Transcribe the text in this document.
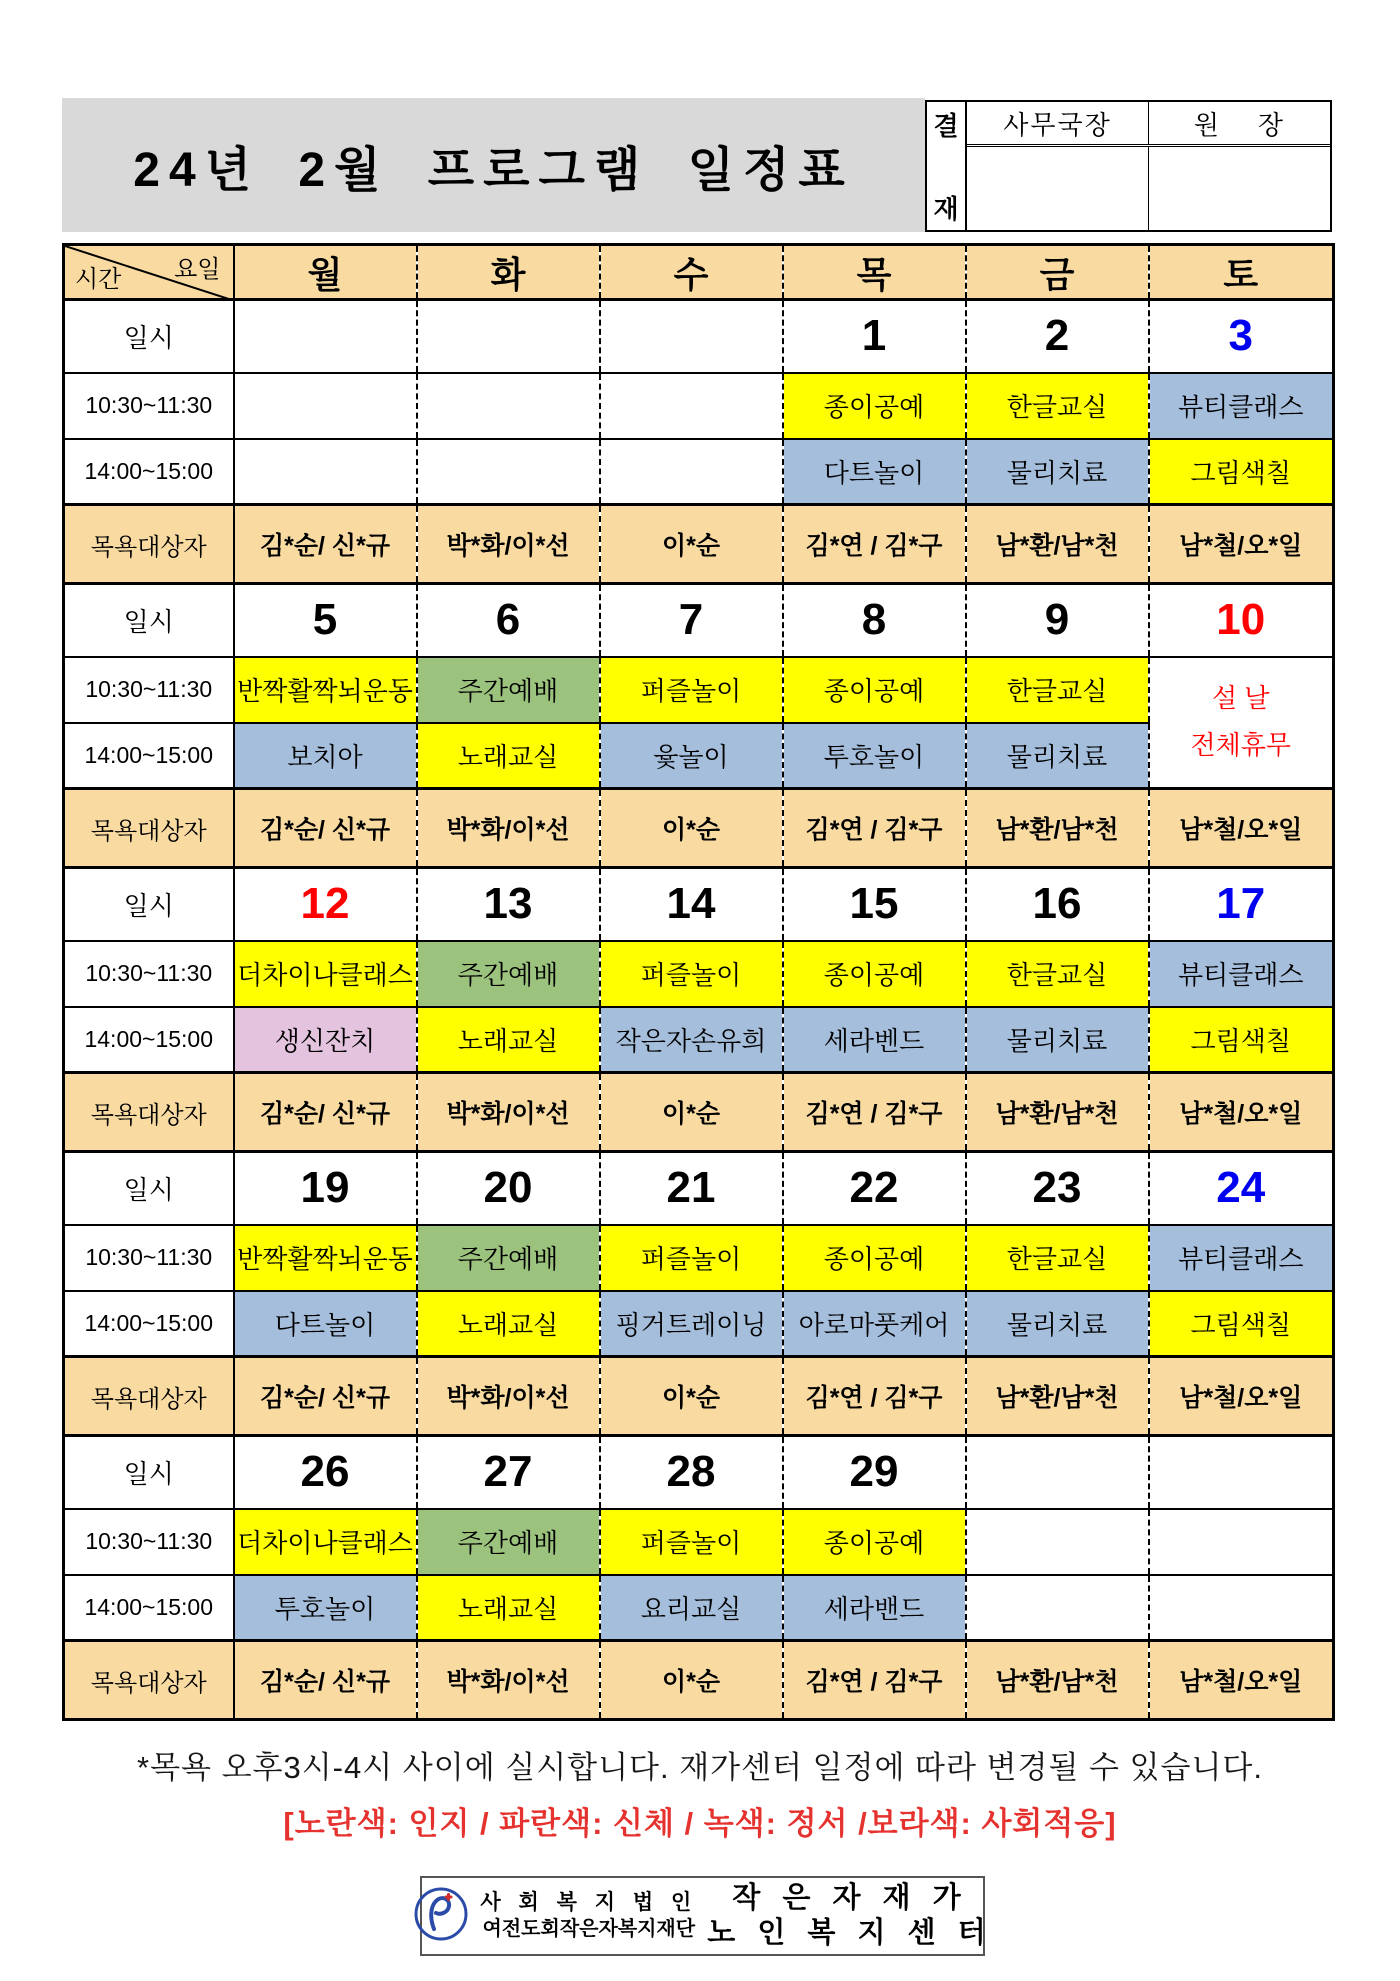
24년 2월 프로그램 일정표
결
재
사무국장	원    장
요일
시간	월	화	수	목	금	토
일시				1	2	3
10:30~11:30				종이공예	한글교실	뷰티클래스
14:00~15:00				다트놀이	물리치료	그림색칠
목욕대상자	김*순/ 신*규	박*화/이*선	이*순	김*연 / 김*구	남*환/남*천	남*철/오*일
일시	5	6	7	8	9	10
10:30~11:30	반짝활짝뇌운동	주간예배	퍼즐놀이	종이공예	한글교실	설 날
전체휴무

14:00~15:00	보치아	노래교실	윷놀이	투호놀이	물리치료	
목욕대상자	김*순/ 신*규	박*화/이*선	이*순	김*연 / 김*구	남*환/남*천	남*철/오*일
일시	12	13	14	15	16	17
10:30~11:30	더차이나클래스	주간예배	퍼즐놀이	종이공예	한글교실	뷰티클래스
14:00~15:00	생신잔치	노래교실	작은자손유희	세라벤드	물리치료	그림색칠
목욕대상자	김*순/ 신*규	박*화/이*선	이*순	김*연 / 김*구	남*환/남*천	남*철/오*일
일시	19	20	21	22	23	24
10:30~11:30	반짝활짝뇌운동	주간예배	퍼즐놀이	종이공예	한글교실	뷰티클래스
14:00~15:00	다트놀이	노래교실	핑거트레이닝	아로마풋케어	물리치료	그림색칠
목욕대상자	김*순/ 신*규	박*화/이*선	이*순	김*연 / 김*구	남*환/남*천	남*철/오*일
일시	26	27	28	29		
10:30~11:30	더차이나클래스	주간예배	퍼즐놀이	종이공예		
14:00~15:00	투호놀이	노래교실	요리교실	세라밴드		
목욕대상자	김*순/ 신*규	박*화/이*선	이*순	김*연 / 김*구	남*환/남*천	남*철/오*일
*목욕 오후3시-4시 사이에 실시합니다. 재가센터 일정에 따라 변경될 수 있습니다.
[노란색: 인지 / 파란색: 신체 / 녹색: 정서 /보라색: 사회적응]
사 회 복 지 법 인
여전도회작은자복지재단
작 은 자 재 가
노 인 복 지 센 터
